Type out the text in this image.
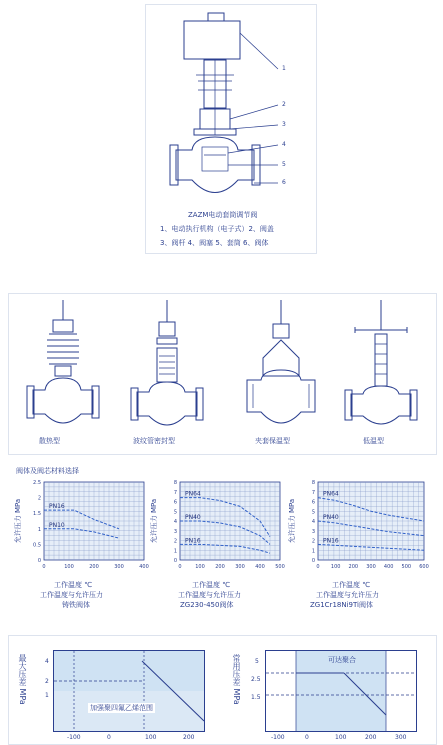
1
2
3
4
5
6
ZAZM电动套筒调节阀
1、电动执行机构（电子式）2、阀盖
3、阀杆 4、阀塞 5、套筒 6、阀体
散热型	波纹管密封型	夹套保温型	低温型
阀体及阀芯材料选择
允许压力 MPa
0
0.5
1
1.5
2
2.5
0	100	200	300	400
PN16
PN10
工作温度 ℃
工作温度与允许压力
铸铁阀体
允许压力 MPa
0
1
2
3
4
5
6
7
8
0	100 200 300 400 500
PN64
PN40
PN16
工作温度 ℃
工作温度与允许压力
ZG230-450阀体
允许压力 MPa
0
1
2
3
4
5
6
7
8
0 100 200 300 400 500 600
PN64
PN40
PN16
工作温度 ℃
工作温度与允许压力
ZG1Cr18Ni9Ti阀体
最大压差 MPa
加强聚四氟乙烯范围
4
2
1
-100	0	100	200
常用压差 MPa	可达聚合
5
2.5
1.5
-100	0	100	200	300
